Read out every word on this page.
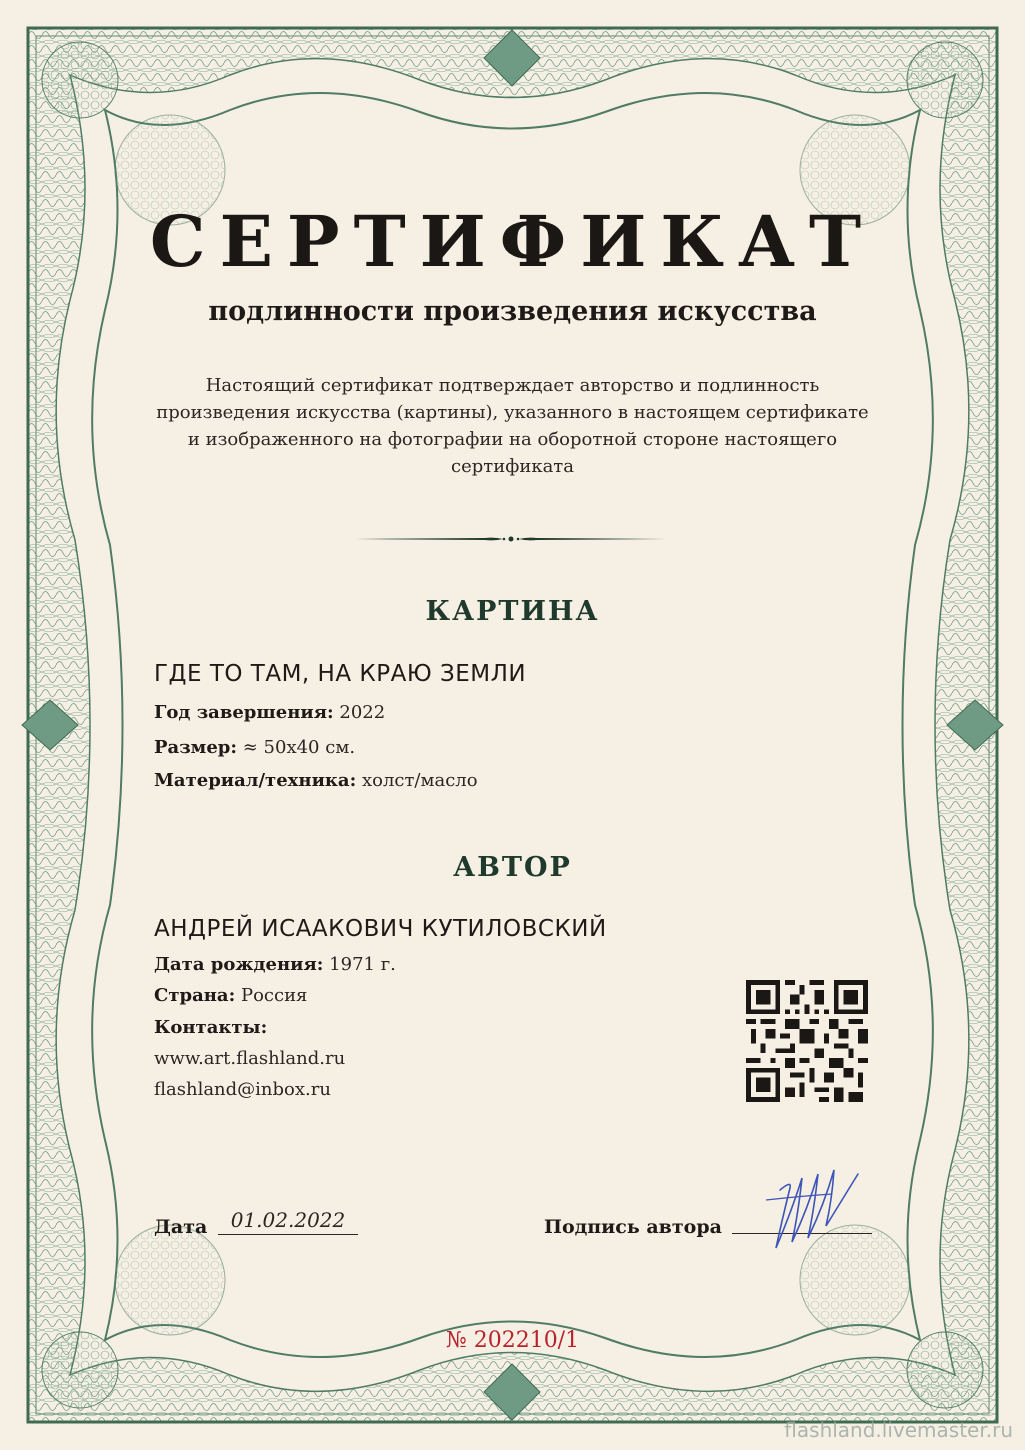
СЕРТИФИКАТ
подлинности произведения искусства
Настоящий сертификат подтверждает авторство и подлинность произведения искусства (картины), указанного в настоящем сертификате и изображенного на фотографии на оборотной стороне настоящего сертификата
КАРТИНА
ГДЕ ТО ТАМ, НА КРАЮ ЗЕМЛИ
Год завершения: 2022
Размер: ≈ 50x40 см.
Материал/техника: холст/масло
АВТОР
АНДРЕЙ ИСААКОВИЧ КУТИЛОВСКИЙ
Дата рождения: 1971 г.
Страна: Россия
Контакты:
www.art.flashland.ru
flashland@inbox.ru
Дата	01.02.2022	Подпись автора
№ 202210/1
flashland.livemaster.ru
